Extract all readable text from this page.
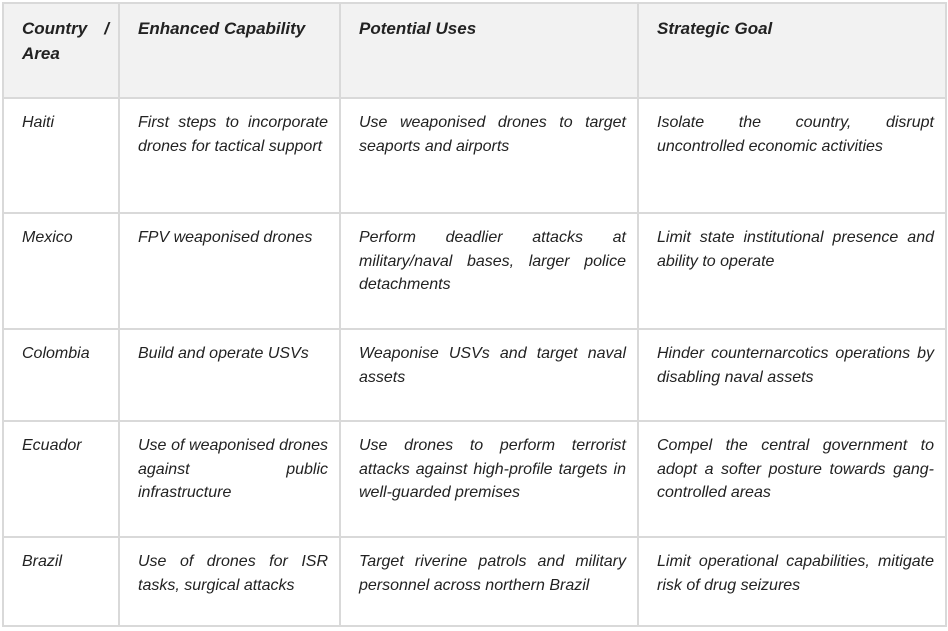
Country /
Area	Enhanced Capability	Potential Uses	Strategic Goal
Haiti	First steps to incorporate drones for tactical support	Use weaponised drones to target seaports and airports	Isolate the country, disrupt uncontrolled economic activities
Mexico	FPV weaponised drones	Perform deadlier attacks at military/naval bases, larger police detachments	Limit state institutional presence and ability to operate
Colombia	Build and operate USVs	Weaponise USVs and target naval assets	Hinder counternarcotics operations by disabling naval assets
Ecuador	Use of weaponised drones against public infrastructure	Use drones to perform terrorist attacks against high-profile targets in well-guarded premises	Compel the central government to adopt a softer posture towards gang-controlled areas
Brazil	Use of drones for ISR tasks, surgical attacks	Target riverine patrols and military personnel across northern Brazil	Limit operational capabilities, mitigate risk of drug seizures
